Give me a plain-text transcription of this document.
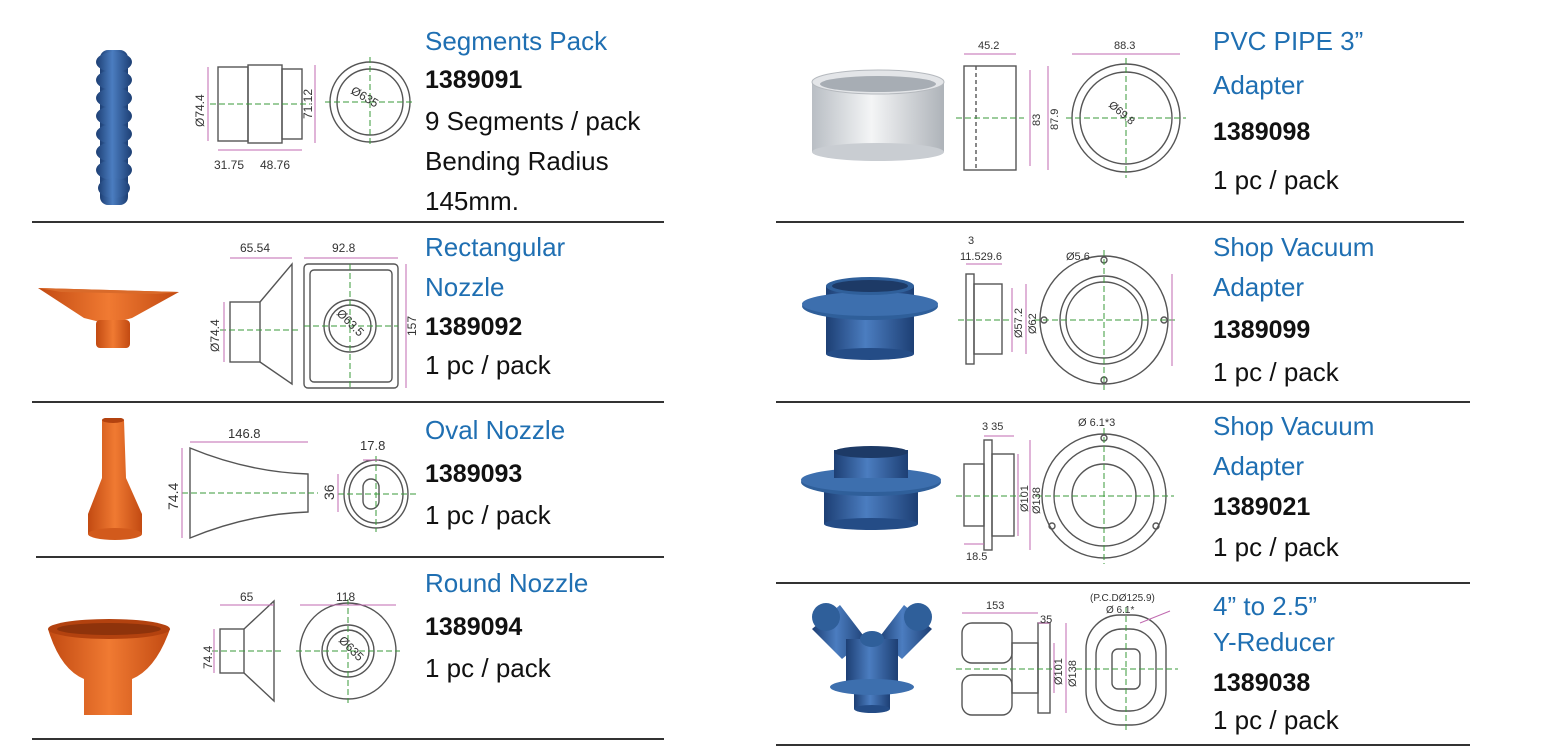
Ø74.4	71.12	Ø635
31.75 48.76
Segments Pack
1389091
9 Segments / pack
Bending Radius
145mm.
65.54	92.8
Ø74.4	Ø63.5	157
Rectangular
Nozzle
1389092
1 pc / pack
146.8
17.8
74.4	36
Oval Nozzle
1389093
1 pc / pack
65	118
74.4	Ø635
Round Nozzle
1389094
1 pc / pack
45.2	88.3
83 87.9	Ø69.8
PVC PIPE 3”
Adapter
1389098
1 pc / pack
3
11.529.6	Ø5.6
Ø57.2 Ø62
Shop Vacuum
Adapter
1389099
1 pc / pack
3 35	Ø 6.1*3
Ø101 Ø138
18.5
Shop Vacuum
Adapter
1389021
1 pc / pack
153
35
(P.C.DØ125.9)
Ø 6.1*
Ø101 Ø138
4” to 2.5”
Y-Reducer
1389038
1 pc / pack
